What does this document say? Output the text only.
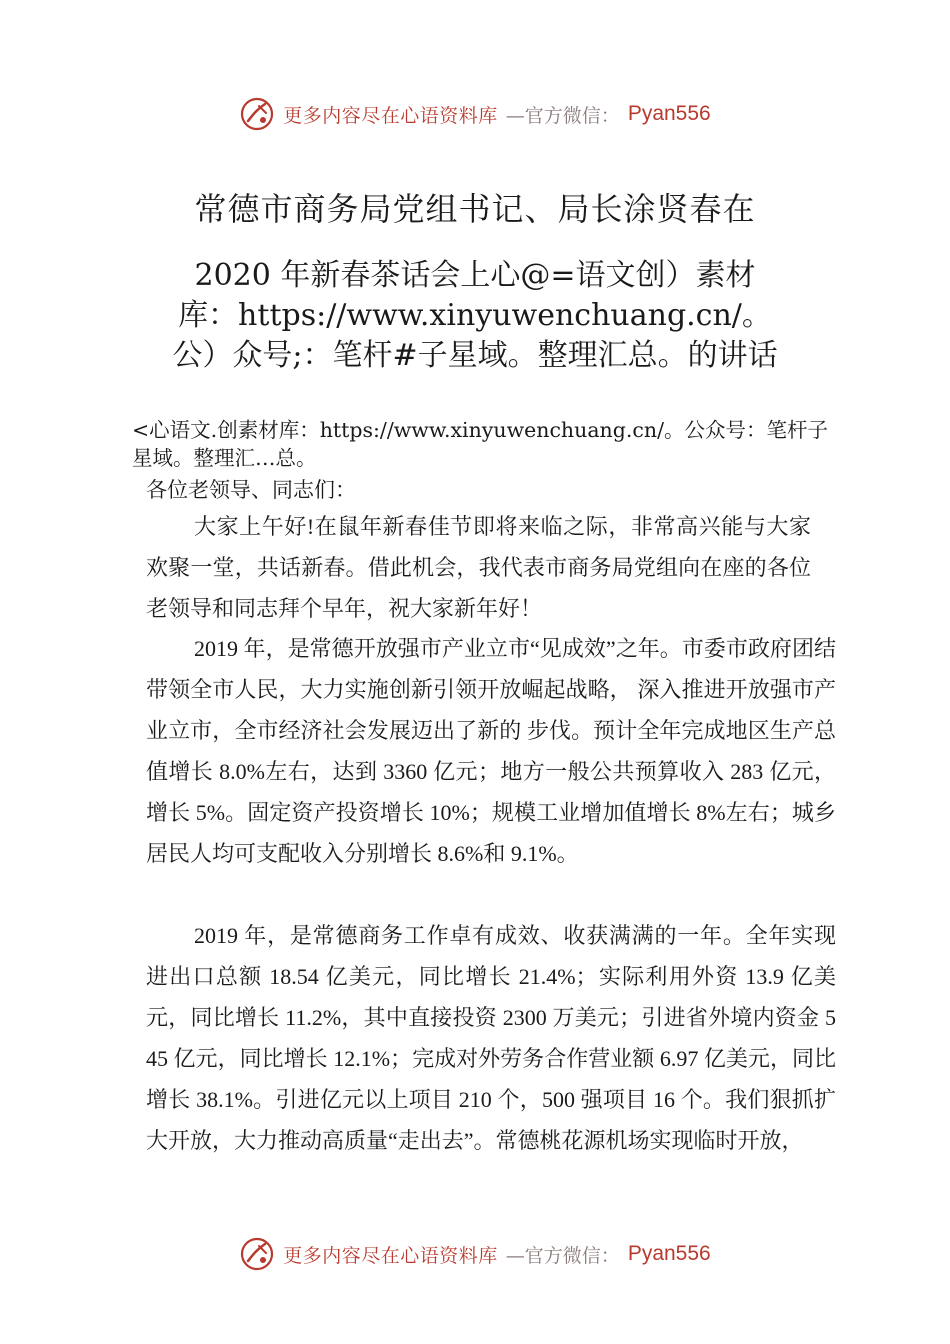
更多内容尽在心语资料库 —官方微信： Pyan556
常德市商务局党组书记、局长涂贤春在
2020 年新春茶话会上心@=语文创）素材库：https://www.xinyuwenchuang.cn/。公）众号;：笔杆#子星域。整理汇总。的讲话
<心语文.创素材库：https://www.xinyuwenchuang.cn/。公众号：笔杆子星域。整理汇…总。
各位老领导、同志们：
大家上午好!在鼠年新春佳节即将来临之际，非常高兴能与大家欢聚一堂，共话新春。借此机会，我代表市商务局党组向在座的各位老领导和同志拜个早年，祝大家新年好！
2019 年，是常德开放强市产业立市“见成效”之年。市委市政府团结带领全市人民，大力实施创新引领开放崛起战略， 深入推进开放强市产业立市，全市经济社会发展迈出了新的 步伐。预计全年完成地区生产总值增长 8.0%左右，达到 3360 亿元；地方一般公共预算收入 283 亿元，增长 5%。固定资产投资增长 10%；规模工业增加值增长 8%左右；城乡居民人均可支配收入分别增长 8.6%和 9.1%。
2019 年，是常德商务工作卓有成效、收获满满的一年。全年实现进出口总额 18.54 亿美元，同比增长 21.4%；实际利用外资 13.9 亿美元，同比增长 11.2%，其中直接投资 2300 万美元；引进省外境内资金 545 亿元，同比增长 12.1%；完成对外劳务合作营业额 6.97 亿美元，同比增长 38.1%。引进亿元以上项目 210 个，500 强项目 16 个。我们狠抓扩大开放，大力推动高质量“走出去”。常德桃花源机场实现临时开放，
更多内容尽在心语资料库 —官方微信： Pyan556
